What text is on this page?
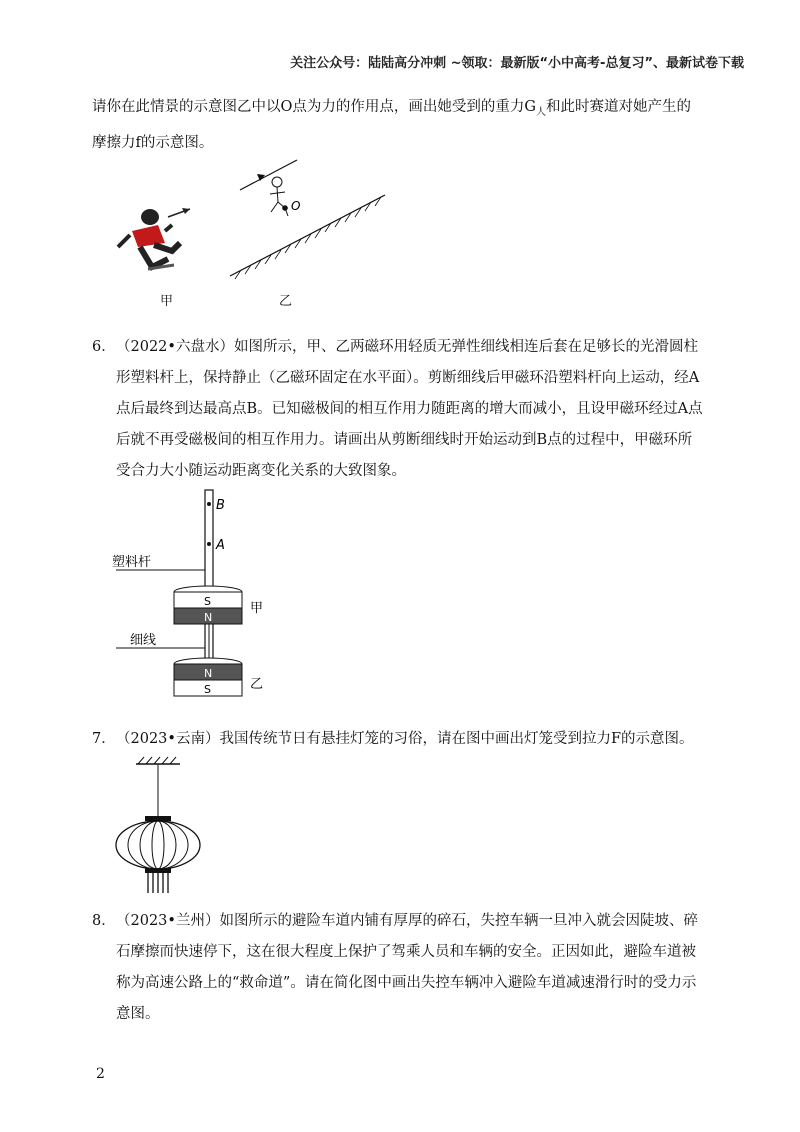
关注公众号：陆陆高分冲刺 ~领取：最新版“小中高考-总复习”、最新试卷下载
请你在此情景的示意图乙中以O点为力的作用点，画出她受到的重力$G_人$和此时赛道对她产生的
摩擦力f的示意图。
O
甲	乙
6． （2022•六盘水）如图所示，甲、乙两磁环用轻质无弹性细线相连后套在足够长的光滑圆柱形塑料杆上，保持静止（乙磁环固定在水平面）。剪断细线后甲磁环沿塑料杆向上运动，经A点后最终到达最高点B。已知磁极间的相互作用力随距离的增大而减小，且设甲磁环经过A点后就不再受磁极间的相互作用力。请画出从剪断细线时开始运动到B点的过程中，甲磁环所受合力大小随运动距离变化关系的大致图象。
B
A
塑料杆
S
N
甲
细线
N
S	乙
7． （2023•云南）我国传统节日有悬挂灯笼的习俗，请在图中画出灯笼受到拉力F的示意图。
8． （2023•兰州）如图所示的避险车道内铺有厚厚的碎石，失控车辆一旦冲入就会因陡坡、碎石摩擦而快速停下，这在很大程度上保护了驾乘人员和车辆的安全。正因如此，避险车道被称为高速公路上的“救命道”。请在简化图中画出失控车辆冲入避险车道减速滑行时的受力示意图。
2
